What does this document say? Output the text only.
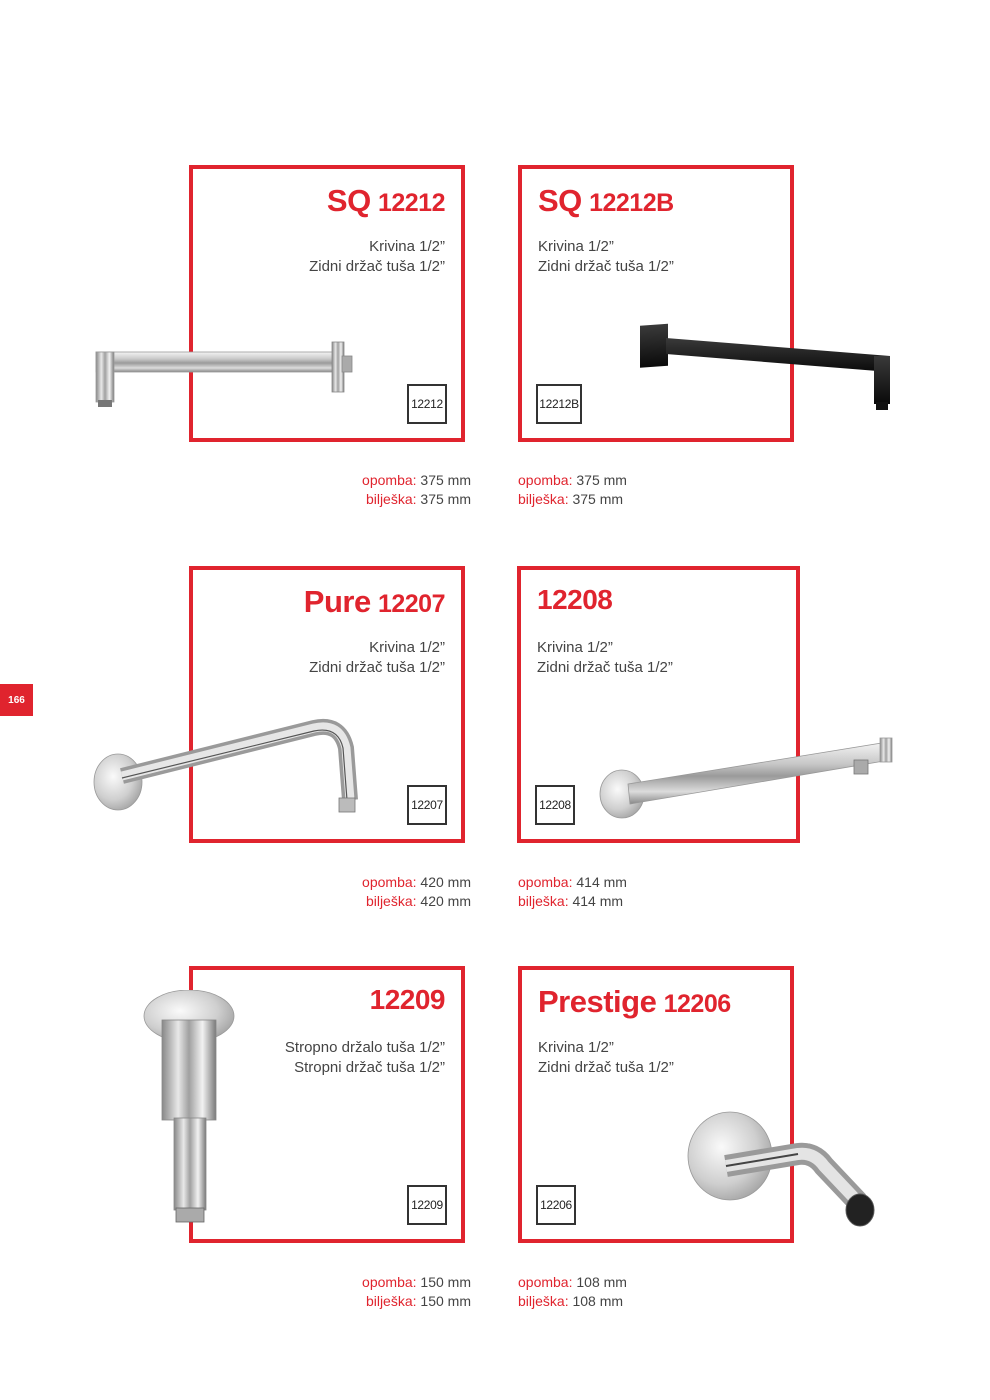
166
SQ 12212
Krivina 1/2”
Zidni držač tuša 1/2”
12212
opomba: 375 mm
bilješka: 375 mm
SQ 12212B
Krivina 1/2”
Zidni držač tuša 1/2”
12212B
opomba: 375 mm
bilješka: 375 mm
Pure 12207
Krivina 1/2”
Zidni držač tuša 1/2”
12207
opomba: 420 mm
bilješka: 420 mm
12208
Krivina 1/2”
Zidni držač tuša 1/2”
12208
opomba: 414 mm
bilješka: 414 mm
12209
Stropno držalo tuša 1/2”
Stropni držač tuša 1/2”
12209
opomba: 150 mm
bilješka: 150 mm
Prestige 12206
Krivina 1/2”
Zidni držač tuša 1/2”
12206
opomba: 108 mm
bilješka: 108 mm
